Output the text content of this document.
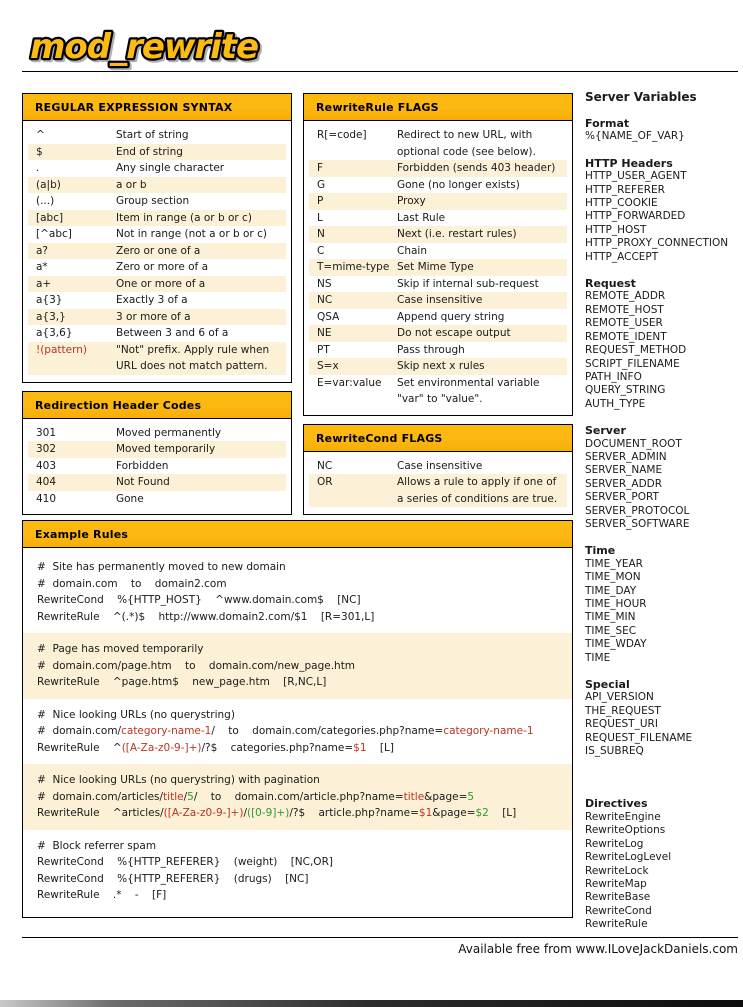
mod_rewrite
REGULAR EXPRESSION SYNTAX
^	Start of string
$	End of string
.	Any single character
(a|b)	a or b
(...)	Group section
[abc]	Item in range (a or b or c)
[^abc]	Not in range (not a or b or c)
a?	Zero or one of a
a*	Zero or more of a
a+	One or more of a
a{3}	Exactly 3 of a
a{3,}	3 or more of a
a{3,6}	Between 3 and 6 of a
!(pattern)	"Not" prefix. Apply rule when URL does not match pattern.
Redirection Header Codes
301	Moved permanently
302	Moved temporarily
403	Forbidden
404	Not Found
410	Gone
RewriteRule FLAGS
R[=code]	Redirect to new URL, with optional code (see below).
F	Forbidden (sends 403 header)
G	Gone (no longer exists)
P	Proxy
L	Last Rule
N	Next (i.e. restart rules)
C	Chain
T=mime-type Set Mime Type
NS	Skip if internal sub-request
NC	Case insensitive
QSA	Append query string
NE	Do not escape output
PT	Pass through
S=x	Skip next x rules
E=var:value	Set environmental variable "var" to "value".
RewriteCond FLAGS
NC	Case insensitive
OR	Allows a rule to apply if one of a series of conditions are true.
Server Variables
Format
%{NAME_OF_VAR}
HTTP Headers
HTTP_USER_AGENT
HTTP_REFERER
HTTP_COOKIE
HTTP_FORWARDED
HTTP_HOST
HTTP_PROXY_CONNECTION
HTTP_ACCEPT
Request
REMOTE_ADDR
REMOTE_HOST
REMOTE_USER
REMOTE_IDENT
REQUEST_METHOD
SCRIPT_FILENAME
PATH_INFO
QUERY_STRING
AUTH_TYPE
Server
DOCUMENT_ROOT
SERVER_ADMIN
SERVER_NAME
SERVER_ADDR
SERVER_PORT
SERVER_PROTOCOL
SERVER_SOFTWARE
Time
TIME_YEAR
TIME_MON
TIME_DAY
TIME_HOUR
TIME_MIN
TIME_SEC
TIME_WDAY
TIME
Special
API_VERSION
THE_REQUEST
REQUEST_URI
REQUEST_FILENAME
IS_SUBREQ
Directives
RewriteEngine
RewriteOptions
RewriteLog
RewriteLogLevel
RewriteLock
RewriteMap
RewriteBase
RewriteCond
RewriteRule
Example Rules
#  Site has permanently moved to new domain
#  domain.com    to    domain2.com
RewriteCond    %{HTTP_HOST}    ^www.domain.com$    [NC]
RewriteRule    ^(.*)$    http://www.domain2.com/$1    [R=301,L]
#  Page has moved temporarily
#  domain.com/page.htm    to    domain.com/new_page.htm
RewriteRule    ^page.htm$    new_page.htm    [R,NC,L]
#  Nice looking URLs (no querystring)
#  domain.com/category-name-1/    to    domain.com/categories.php?name=category-name-1
RewriteRule    ^([A-Za-z0-9-]+)/?$    categories.php?name=$1    [L]
#  Nice looking URLs (no querystring) with pagination
#  domain.com/articles/title/5/    to    domain.com/article.php?name=title&page=5
RewriteRule    ^articles/([A-Za-z0-9-]+)/([0-9]+)/?$    article.php?name=$1&page=$2    [L]
#  Block referrer spam
RewriteCond    %{HTTP_REFERER}    (weight)    [NC,OR]
RewriteCond    %{HTTP_REFERER}    (drugs)    [NC]
RewriteRule    .*    -    [F]
Available free from www.ILoveJackDaniels.com
